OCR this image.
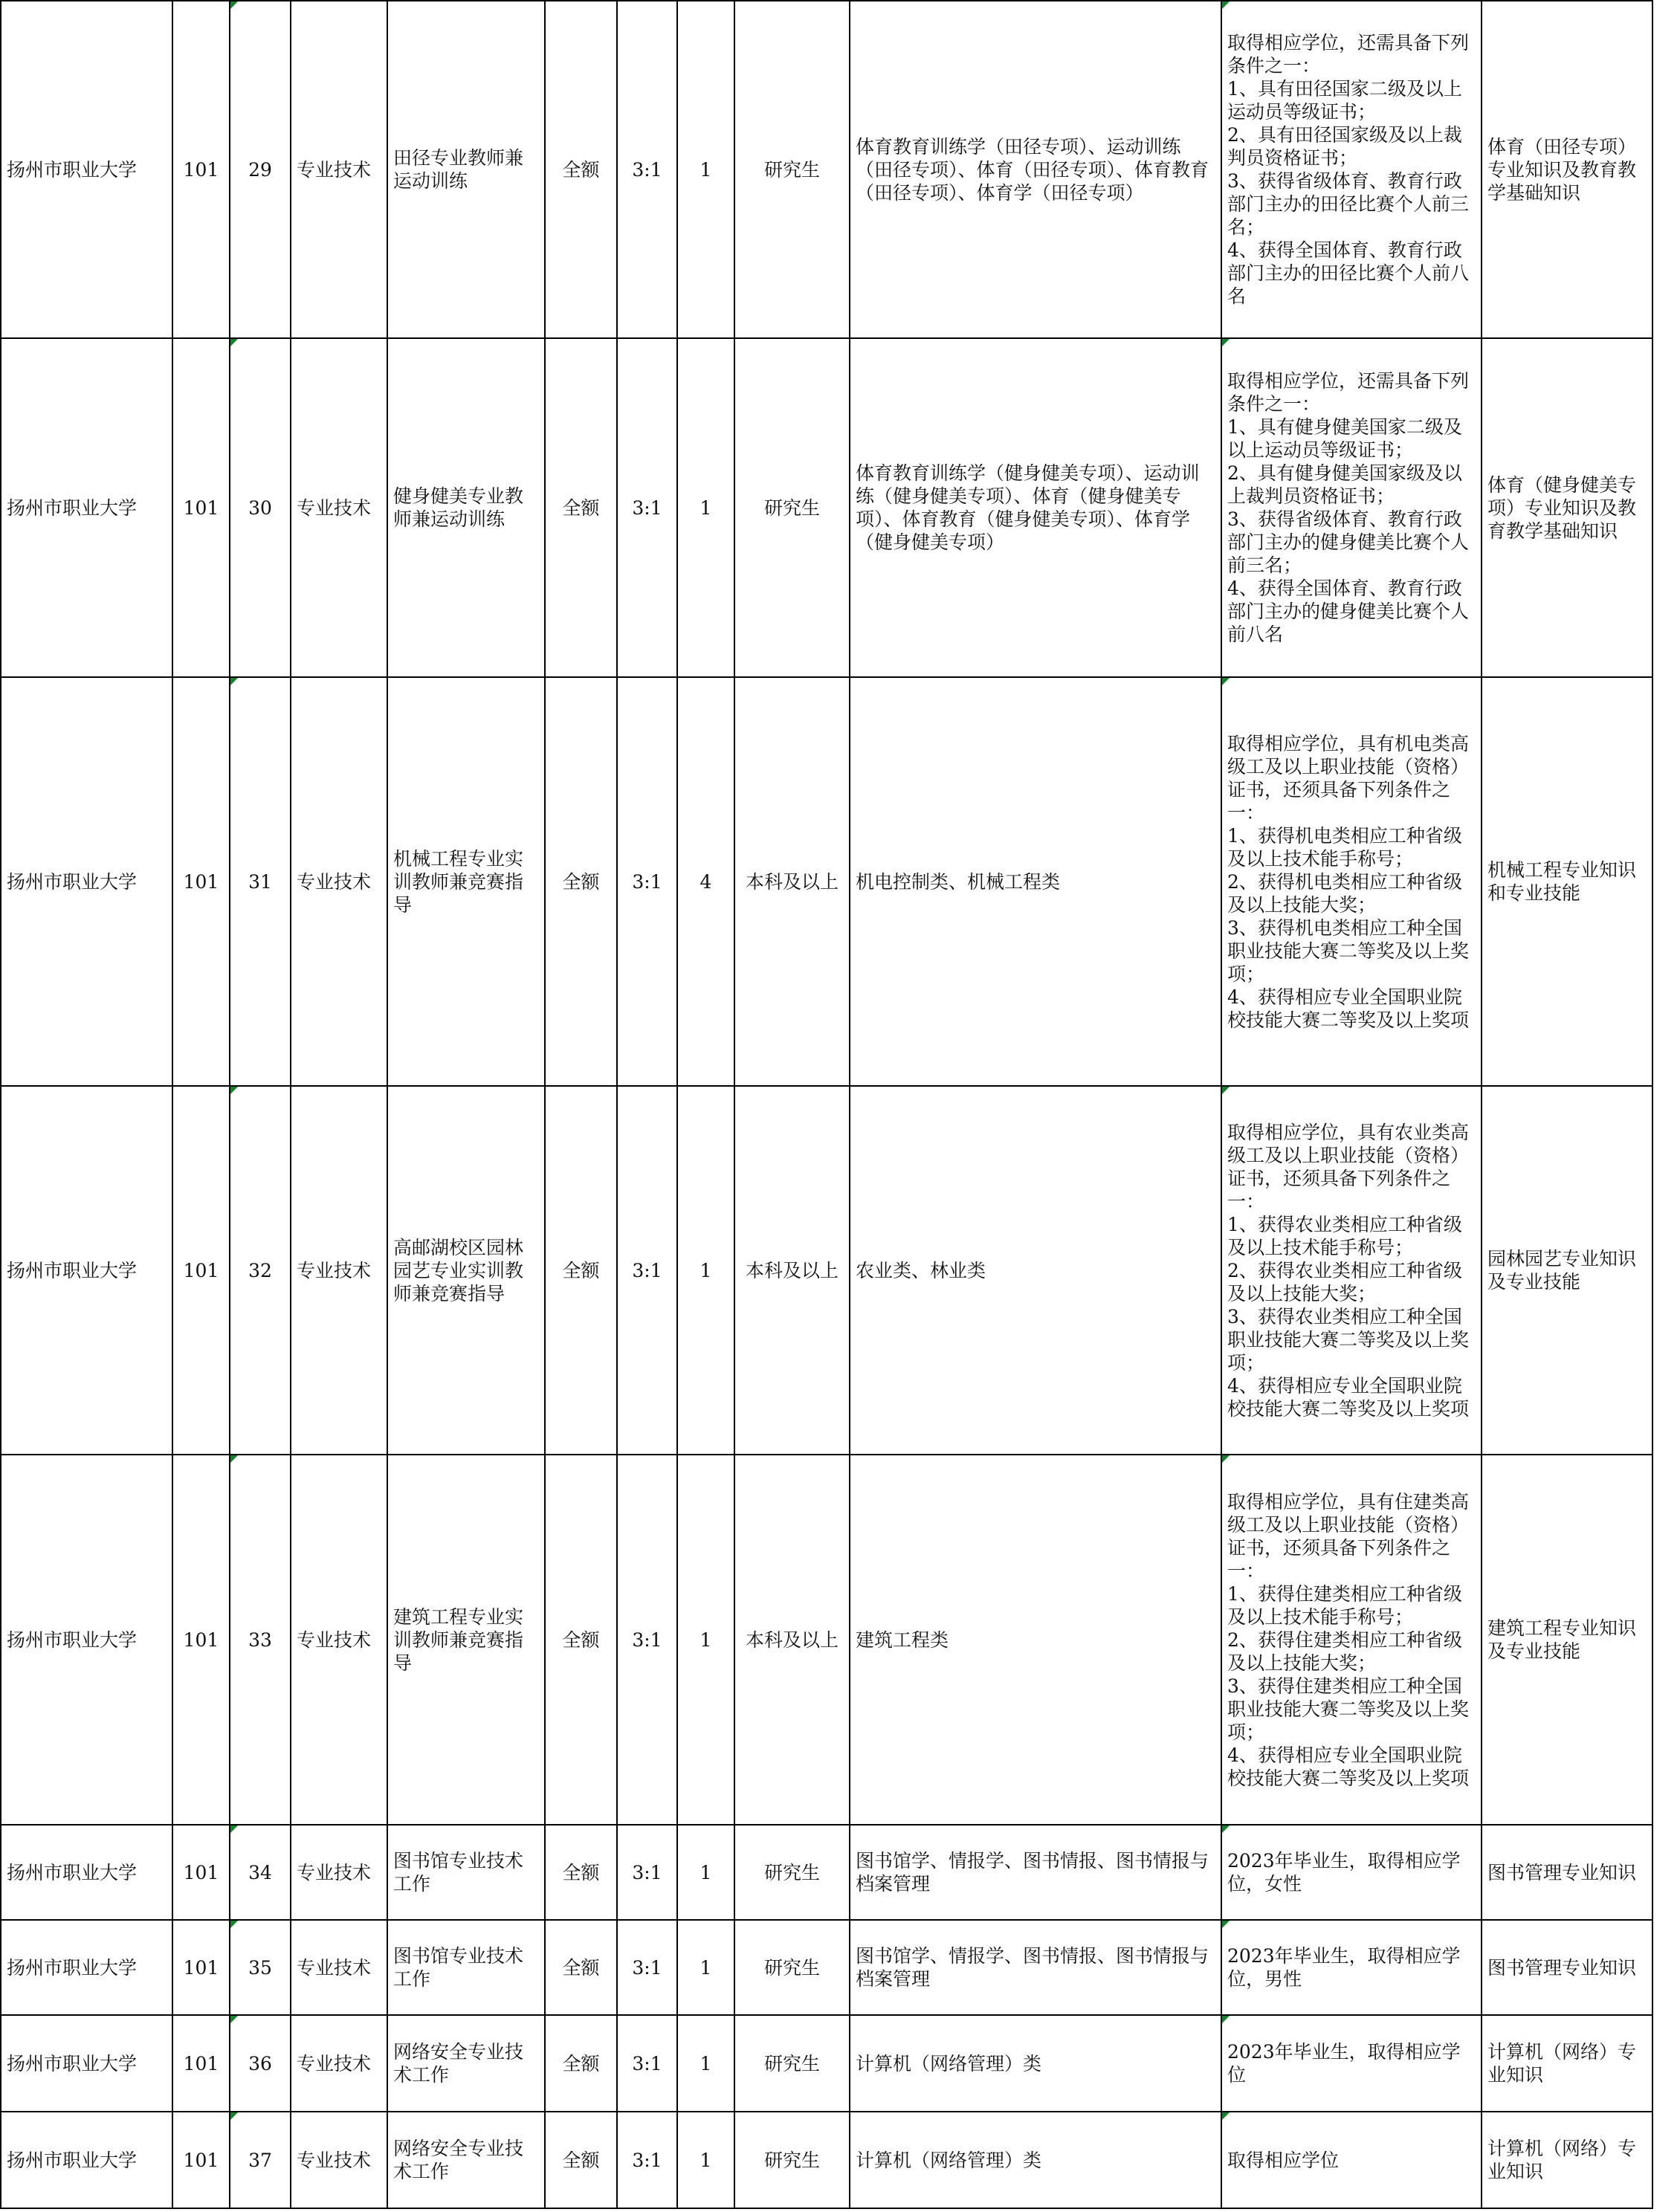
扬州市职业大学	101	29	专业技术	田径专业教师兼运动训练	全额	3:1	1	研究生	体育教育训练学（田径专项）、运动训练（田径专项）、体育（田径专项）、体育教育（田径专项）、体育学（田径专项）	取得相应学位，还需具备下列条件之一：
1、具有田径国家二级及以上运动员等级证书；
2、具有田径国家级及以上裁判员资格证书；
3、获得省级体育、教育行政部门主办的田径比赛个人前三名；
4、获得全国体育、教育行政部门主办的田径比赛个人前八名	体育（田径专项）专业知识及教育教学基础知识

扬州市职业大学	101	30	专业技术	健身健美专业教师兼运动训练	全额	3:1	1	研究生	体育教育训练学（健身健美专项）、运动训练（健身健美专项）、体育（健身健美专项）、体育教育（健身健美专项）、体育学（健身健美专项）	取得相应学位，还需具备下列条件之一：
1、具有健身健美国家二级及以上运动员等级证书；
2、具有健身健美国家级及以上裁判员资格证书；
3、获得省级体育、教育行政部门主办的健身健美比赛个人前三名；
4、获得全国体育、教育行政部门主办的健身健美比赛个人前八名	体育（健身健美专项）专业知识及教育教学基础知识

扬州市职业大学	101	31	专业技术	机械工程专业实训教师兼竞赛指导	全额	3:1	4	本科及以上	机电控制类、机械工程类	取得相应学位，具有机电类高级工及以上职业技能（资格）证书，还须具备下列条件之一：
1、获得机电类相应工种省级及以上技术能手称号；
2、获得机电类相应工种省级及以上技能大奖；
3、获得机电类相应工种全国职业技能大赛二等奖及以上奖项；
4、获得相应专业全国职业院校技能大赛二等奖及以上奖项	机械工程专业知识和专业技能

扬州市职业大学	101	32	专业技术	高邮湖校区园林园艺专业实训教师兼竞赛指导	全额	3:1	1	本科及以上	农业类、林业类	取得相应学位，具有农业类高级工及以上职业技能（资格）证书，还须具备下列条件之一：
1、获得农业类相应工种省级及以上技术能手称号；
2、获得农业类相应工种省级及以上技能大奖；
3、获得农业类相应工种全国职业技能大赛二等奖及以上奖项；
4、获得相应专业全国职业院校技能大赛二等奖及以上奖项	园林园艺专业知识及专业技能

扬州市职业大学	101	33	专业技术	建筑工程专业实训教师兼竞赛指导	全额	3:1	1	本科及以上	建筑工程类	取得相应学位，具有住建类高级工及以上职业技能（资格）证书，还须具备下列条件之一：
1、获得住建类相应工种省级及以上技术能手称号；
2、获得住建类相应工种省级及以上技能大奖；
3、获得住建类相应工种全国职业技能大赛二等奖及以上奖项；
4、获得相应专业全国职业院校技能大赛二等奖及以上奖项	建筑工程专业知识及专业技能

扬州市职业大学	101	34	专业技术	图书馆专业技术工作	全额	3:1	1	研究生	图书馆学、情报学、图书情报、图书情报与档案管理	2023年毕业生，取得相应学位，女性	图书管理专业知识

扬州市职业大学	101	35	专业技术	图书馆专业技术工作	全额	3:1	1	研究生	图书馆学、情报学、图书情报、图书情报与档案管理	2023年毕业生，取得相应学位，男性	图书管理专业知识

扬州市职业大学	101	36	专业技术	网络安全专业技术工作	全额	3:1	1	研究生	计算机（网络管理）类	2023年毕业生，取得相应学位	计算机（网络）专业知识

扬州市职业大学	101	37	专业技术	网络安全专业技术工作	全额	3:1	1	研究生	计算机（网络管理）类	取得相应学位	计算机（网络）专业知识
